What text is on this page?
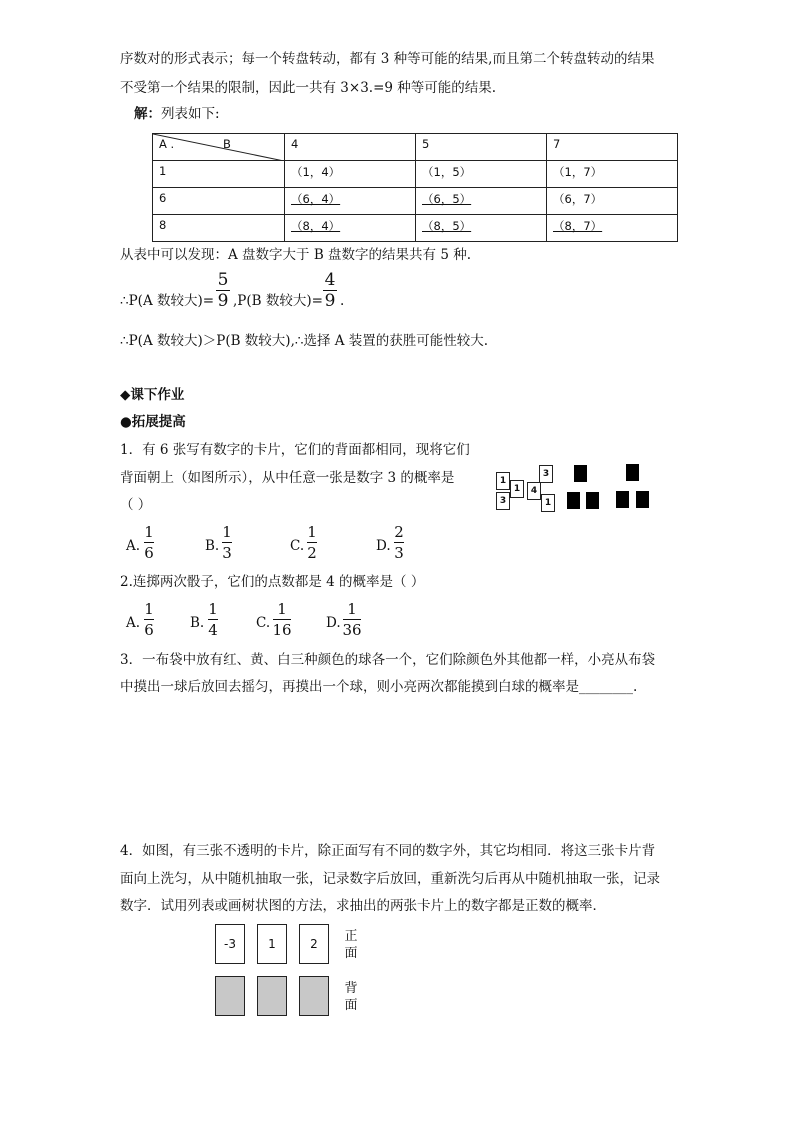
序数对的形式表示；每一个转盘转动，都有 3 种等可能的结果,而且第二个转盘转动的结果
不受第一个结果的限制，因此一共有 3×3.=9 种等可能的结果.
解：列表如下:
A . B	4	5	7
1	（1，4）	（1，5）	（1，7）
6	（6，4）	（6，5）	（6，7）
8	（8，4）	（8，5）	（8，7）
从表中可以发现：A 盘数字大于 B 盘数字的结果共有 5 种.
∴P(A 数较大)=
5
9 ,P(B 数较大)=
4
9 .
∴P(A 数较大)＞P(B 数较大),∴选择 A 装置的获胜可能性较大.
◆课下作业
●拓展提高
1．有 6 张写有数字的卡片，它们的背面都相同，现将它们
背面朝上（如图所示），从中任意一张是数字 3 的概率是
（ ）
1
3
1	4
3
1
A.
1
6	B.
1
3	C.
1
2	D.
2
3
2.连掷两次骰子，它们的点数都是 4 的概率是（ ）
A.
1
6	B.
1
4	C.
1
16	D.
1
36
3．一布袋中放有红、黄、白三种颜色的球各一个，它们除颜色外其他都一样，小亮从布袋
中摸出一球后放回去摇匀，再摸出一个球，则小亮两次都能摸到白球的概率是________.
4．如图，有三张不透明的卡片，除正面写有不同的数字外，其它均相同．将这三张卡片背
面向上洗匀，从中随机抽取一张，记录数字后放回，重新洗匀后再从中随机抽取一张，记录
数字．试用列表或画树状图的方法，求抽出的两张卡片上的数字都是正数的概率．
-3	1	2	正
面
背
面
